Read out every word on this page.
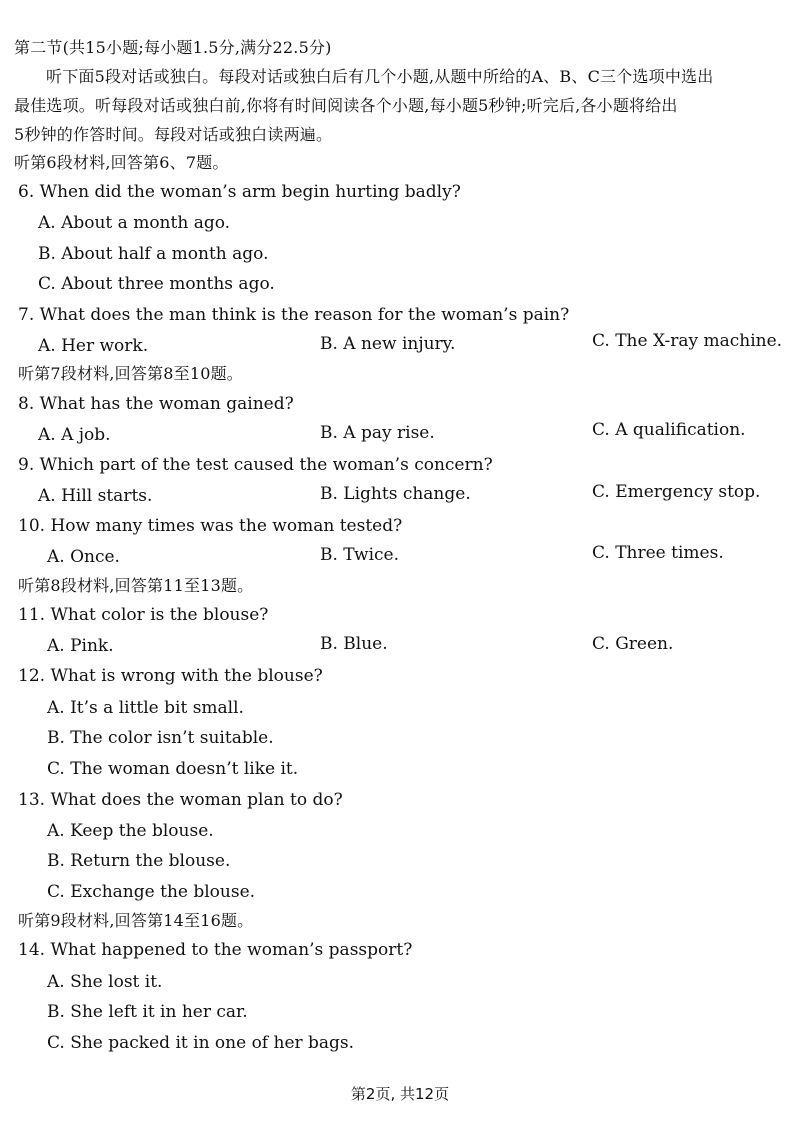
第二节(共15小题;每小题1.5分,满分22.5分)
听下面5段对话或独白。每段对话或独白后有几个小题,从题中所给的A、B、C三个选项中选出
最佳选项。听每段对话或独白前,你将有时间阅读各个小题,每小题5秒钟;听完后,各小题将给出
5秒钟的作答时间。每段对话或独白读两遍。
听第6段材料,回答第6、7题。
6. When did the woman’s arm begin hurting badly?
A. About a month ago.
B. About half a month ago.
C. About three months ago.
7. What does the man think is the reason for the woman’s pain?
A. Her work.	B. A new injury.	C. The X-ray machine.
听第7段材料,回答第8至10题。
8. What has the woman gained?
A. A job.	B. A pay rise.	C. A qualification.
9. Which part of the test caused the woman’s concern?
A. Hill starts.	B. Lights change.	C. Emergency stop.
10. How many times was the woman tested?
A. Once.	B. Twice.	C. Three times.
听第8段材料,回答第11至13题。
11. What color is the blouse?
A. Pink.	B. Blue.	C. Green.
12. What is wrong with the blouse?
A. It’s a little bit small.
B. The color isn’t suitable.
C. The woman doesn’t like it.
13. What does the woman plan to do?
A. Keep the blouse.
B. Return the blouse.
C. Exchange the blouse.
听第9段材料,回答第14至16题。
14. What happened to the woman’s passport?
A. She lost it.
B. She left it in her car.
C. She packed it in one of her bags.
第2页, 共12页
